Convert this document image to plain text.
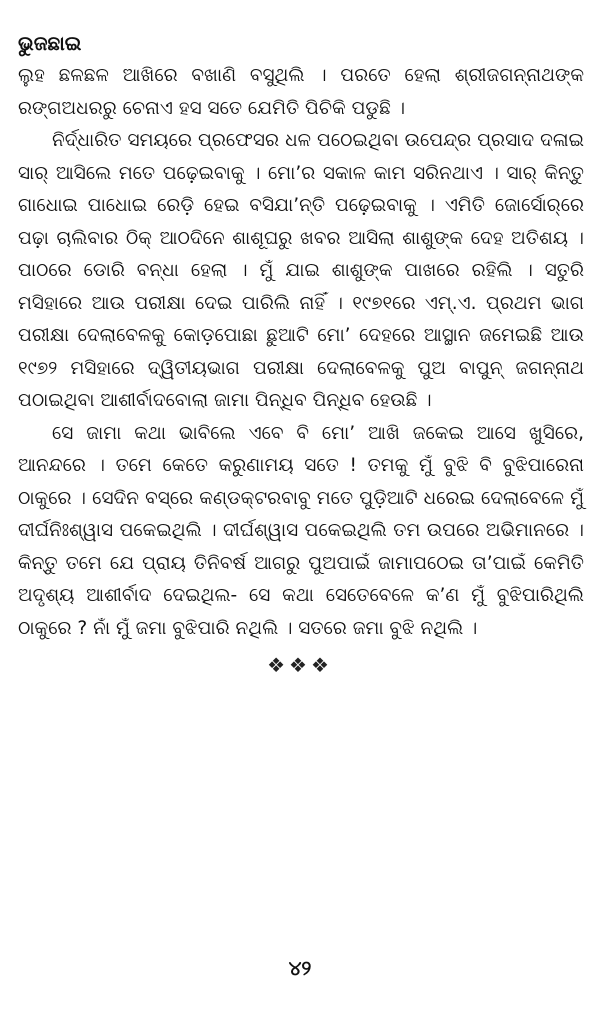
ଭୁଜଛାଇ

ଲୁହ ଛଳଛଳ ଆଖିରେ ବଖାଣି ବସୁଥିଲି । ପରତେ ହେଲା ଶ୍ରୀଜଗନ୍ନାଥଙ୍କ ରଙ୍ଗଅଧରରୁ ଚେନାଏ ହସ ସତେ ଯେମିତି ପିଚିକି ପଡୁଛି ।

ନିର୍ଦ୍ଧାରିତ ସମୟରେ ପ୍ରଫେସର ଧଳ ପଠେଇଥିବା ଉପେନ୍ଦ୍ର ପ୍ରସାଦ ଦଳାଇ ସାର୍ ଆସିଲେ ମତେ ପଢ଼େଇବାକୁ । ମୋ’ର ସକାଳ କାମ ସରିନଥାଏ । ସାର୍ କିନ୍ତୁ ଗାଧୋଇ ପାଧୋଇ ରେଡ଼ି ହେଇ ବସିଯା’ନ୍ତି ପଢ଼େଇବାକୁ । ଏମିତି ଜୋର୍ସୋର୍‌ରେ ପଢ଼ା ଚାଲିବାର ଠିକ୍ ଆଠଦିନେ ଶାଶୂଘରୁ ଖବର ଆସିଲା ଶାଶୁଙ୍କ ଦେହ ଅତିଶୟ । ପାଠରେ ଡୋରି ବନ୍ଧା ହେଲା । ମୁଁ ଯାଇ ଶାଶୁଙ୍କ ପାଖରେ ରହିଲି । ସତୁରି ମସିହାରେ ଆଉ ପରୀକ୍ଷା ଦେଇ ପାରିଲି ନାହିଁ । ୧୯୭୧ରେ ଏମ୍.ଏ. ପ୍ରଥମ ଭାଗ ପରୀକ୍ଷା ଦେଲାବେଳକୁ କୋଡ଼ପୋଛା ଛୁଆଟି ମୋ’ ଦେହରେ ଆସ୍ଥାନ ଜମେଇଛି ଆଉ ୧୯୭୨ ମସିହାରେ ଦ୍ୱିତୀୟଭାଗ ପରୀକ୍ଷା ଦେଲାବେଳକୁ ପୁଅ ବାପୁନ୍ ଜଗନ୍ନାଥ ପଠାଇଥିବା ଆଶୀର୍ବାଦବୋଲା ଜାମା ପିନ୍ଧିବ ପିନ୍ଧିବ ହେଉଛି ।

ସେ ଜାମା କଥା ଭାବିଲେ ଏବେ ବି ମୋ’ ଆଖି ଜକେଇ ଆସେ ଖୁସିରେ, ଆନନ୍ଦରେ । ତମେ କେତେ କରୁଣାମୟ ସତେ ! ତମକୁ ମୁଁ ବୁଝି ବି ବୁଝିପାରେନା ଠାକୁରେ । ସେଦିନ ବସ୍‌ରେ କଣ୍ଡକ୍ଟରବାବୁ ମତେ ପୁଡ଼ିଆଟି ଧରେଇ ଦେଲାବେଳେ ମୁଁ ଦୀର୍ଘନିଃଶ୍ୱାସ ପକେଇଥିଲି । ଦୀର୍ଘଶ୍ୱାସ ପକେଇଥିଲି ତମ ଉପରେ ଅଭିମାନରେ । କିନ୍ତୁ ତମେ ଯେ ପ୍ରାୟ ତିନିବର୍ଷ ଆଗରୁ ପୁଅପାଇଁ ଜାମାପଠେଇ ତା’ପାଇଁ କେମିତି ଅଦୃଶ୍ୟ ଆଶୀର୍ବାଦ ଦେଇଥିଲ- ସେ କଥା ସେତେବେଳେ କ’ଣ ମୁଁ ବୁଝିପାରିଥିଲି ଠାକୁରେ ? ନାଁ ମୁଁ ଜମା ବୁଝିପାରି ନଥିଲି । ସତରେ ଜମା ବୁଝି ନଥିଲି ।

❖❖❖
୪୨
